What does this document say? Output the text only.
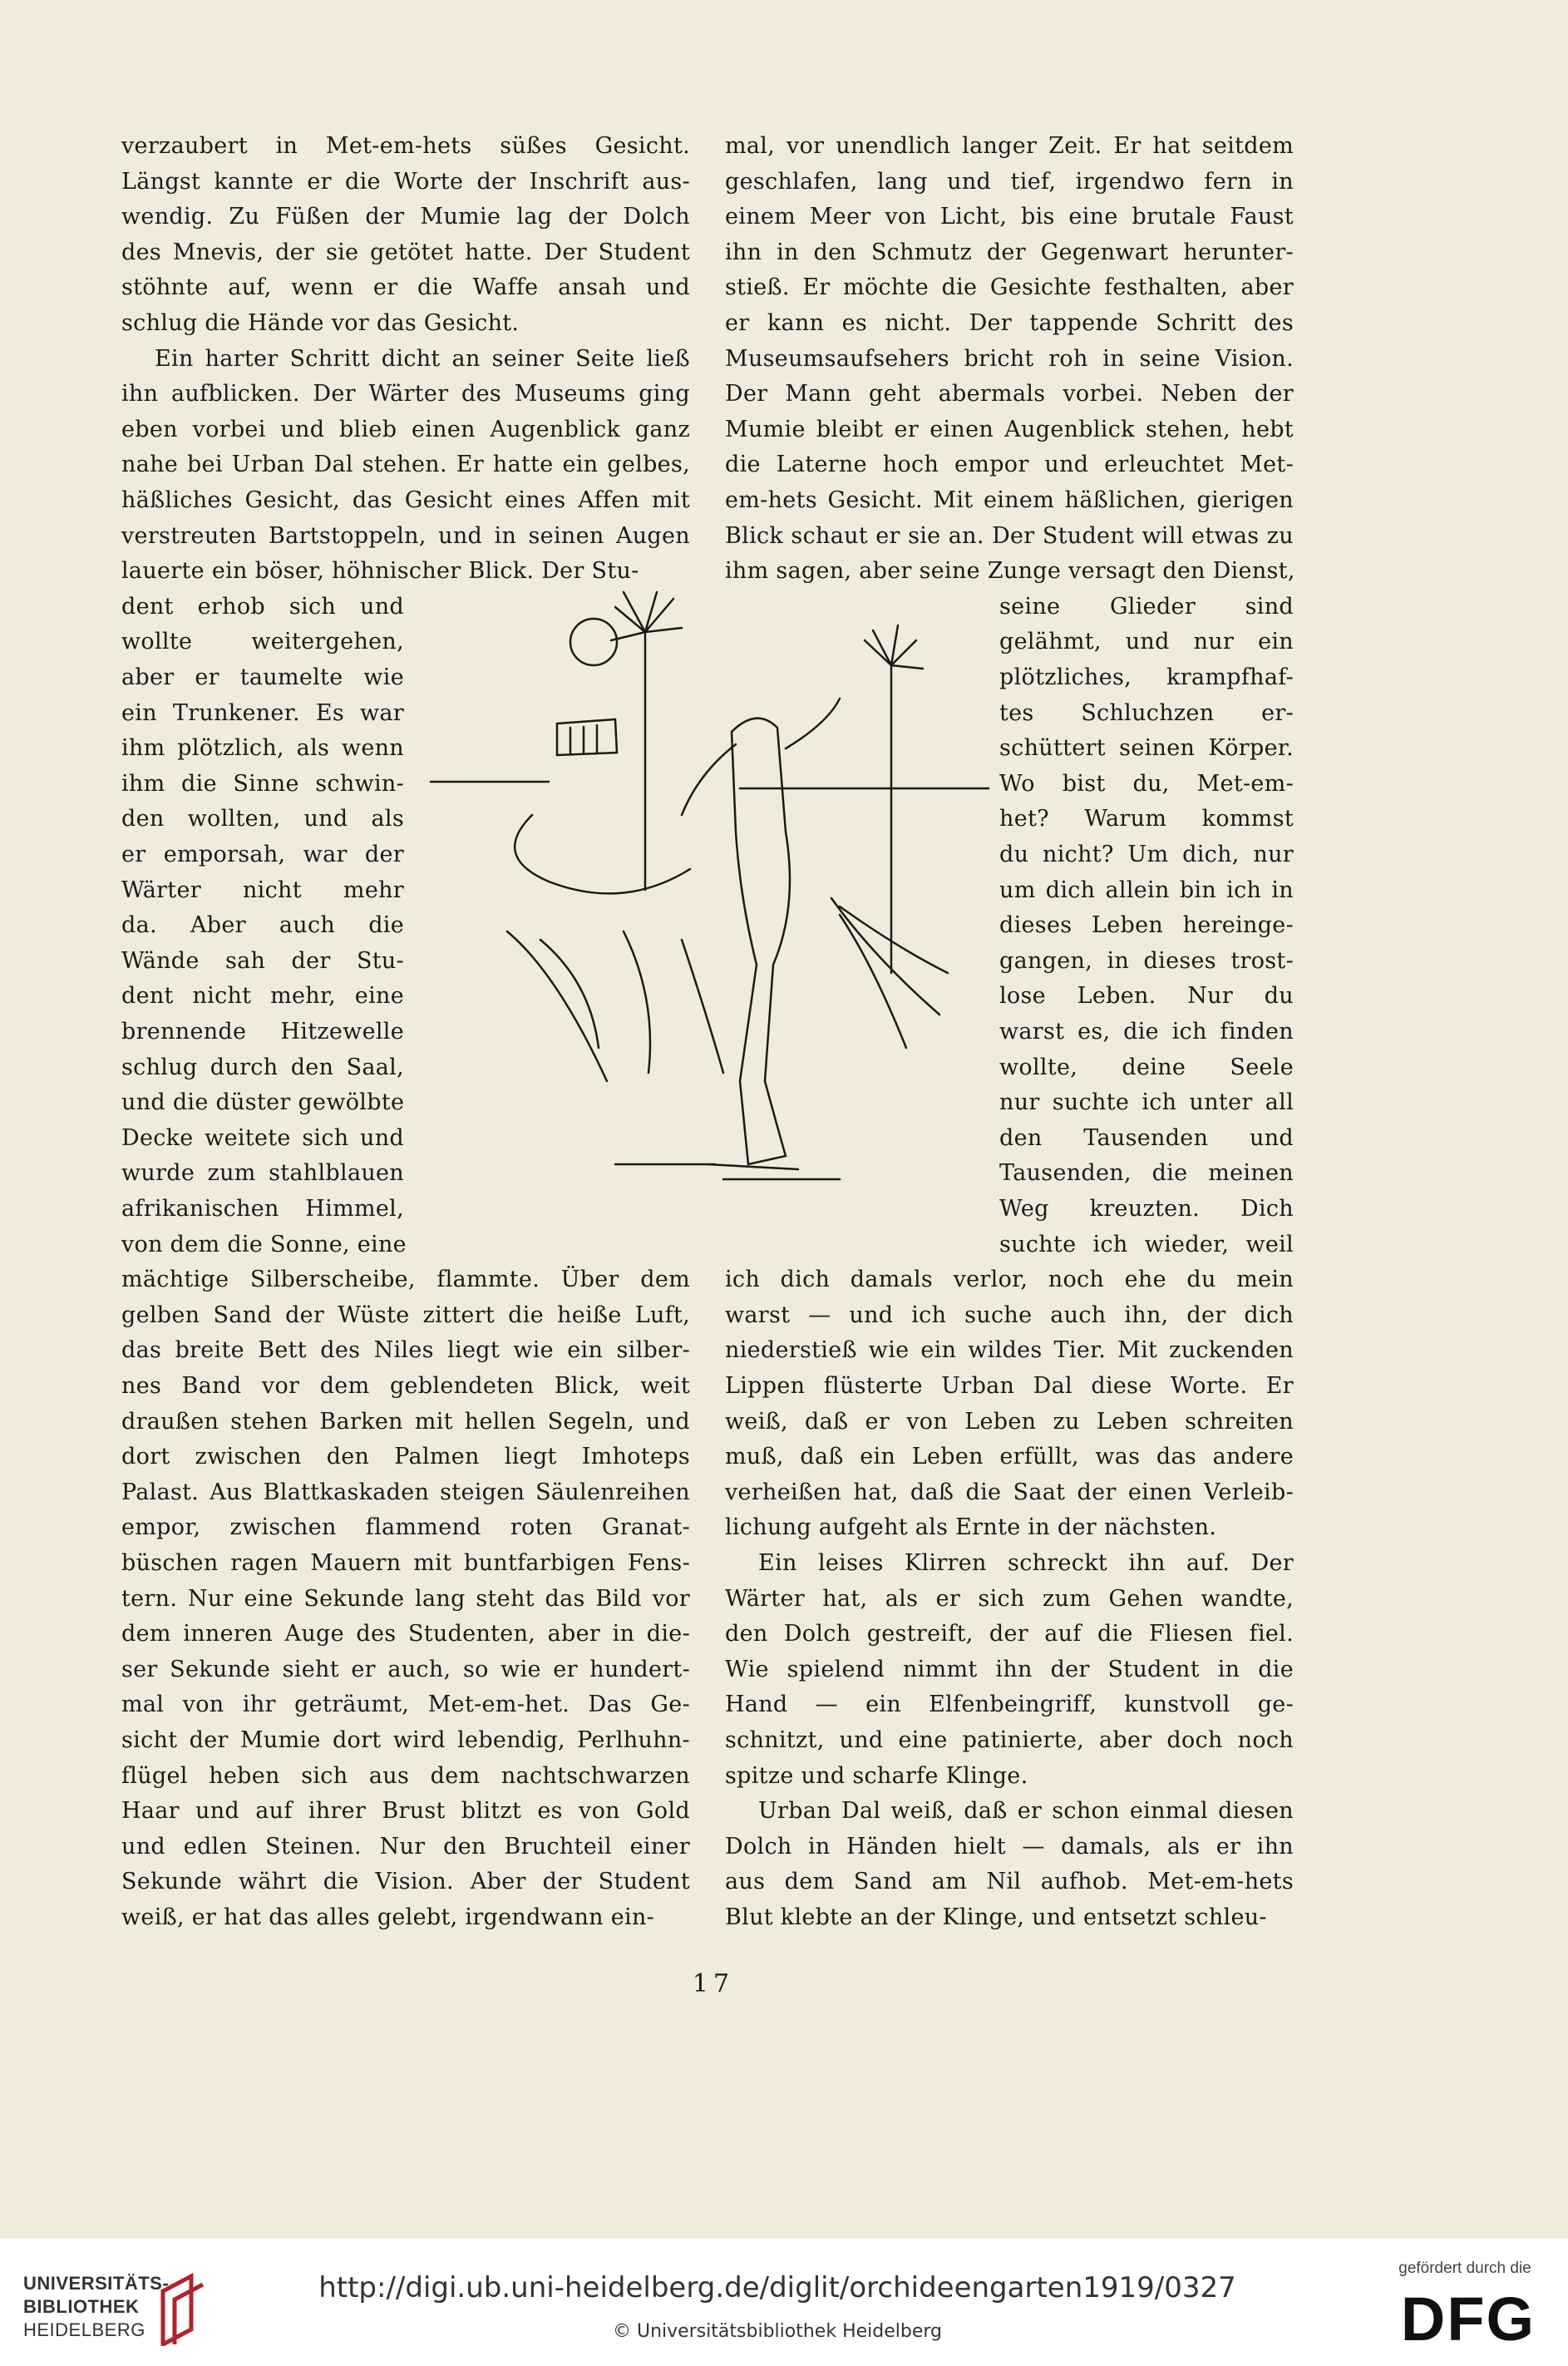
verzaubert in Met-em-hets süßes Gesicht.
Längst kannte er die Worte der Inschrift aus-
wendig. Zu Füßen der Mumie lag der Dolch
des Mnevis, der sie getötet hatte. Der Student
stöhnte auf, wenn er die Waffe ansah und
schlug die Hände vor das Gesicht.
Ein harter Schritt dicht an seiner Seite ließ
ihn aufblicken. Der Wärter des Museums ging
eben vorbei und blieb einen Augenblick ganz
nahe bei Urban Dal stehen. Er hatte ein gelbes,
häßliches Gesicht, das Gesicht eines Affen mit
verstreuten Bartstoppeln, und in seinen Augen
lauerte ein böser, höhnischer Blick. Der Stu-
dent erhob sich und
wollte weitergehen,
aber er taumelte wie
ein Trunkener. Es war
ihm plötzlich, als wenn
ihm die Sinne schwin-
den wollten, und als
er emporsah, war der
Wärter nicht mehr
da. Aber auch die
Wände sah der Stu-
dent nicht mehr, eine
brennende Hitzewelle
schlug durch den Saal,
und die düster gewölbte
Decke weitete sich und
wurde zum stahlblauen
afrikanischen Himmel,
von dem die Sonne, eine
mächtige Silberscheibe, flammte. Über dem
gelben Sand der Wüste zittert die heiße Luft,
das breite Bett des Niles liegt wie ein silber-
nes Band vor dem geblendeten Blick, weit
draußen stehen Barken mit hellen Segeln, und
dort zwischen den Palmen liegt Imhoteps
Palast. Aus Blattkaskaden steigen Säulenreihen
empor, zwischen flammend roten Granat-
büschen ragen Mauern mit buntfarbigen Fens-
tern. Nur eine Sekunde lang steht das Bild vor
dem inneren Auge des Studenten, aber in die-
ser Sekunde sieht er auch, so wie er hundert-
mal von ihr geträumt, Met-em-het. Das Ge-
sicht der Mumie dort wird lebendig, Perlhuhn-
flügel heben sich aus dem nachtschwarzen
Haar und auf ihrer Brust blitzt es von Gold
und edlen Steinen. Nur den Bruchteil einer
Sekunde währt die Vision. Aber der Student
weiß, er hat das alles gelebt, irgendwann ein-
mal, vor unendlich langer Zeit. Er hat seitdem
geschlafen, lang und tief, irgendwo fern in
einem Meer von Licht, bis eine brutale Faust
ihn in den Schmutz der Gegenwart herunter-
stieß. Er möchte die Gesichte festhalten, aber
er kann es nicht. Der tappende Schritt des
Museumsaufsehers bricht roh in seine Vision.
Der Mann geht abermals vorbei. Neben der
Mumie bleibt er einen Augenblick stehen, hebt
die Laterne hoch empor und erleuchtet Met-
em-hets Gesicht. Mit einem häßlichen, gierigen
Blick schaut er sie an. Der Student will etwas zu
ihm sagen, aber seine Zunge versagt den Dienst,
seine Glieder sind
gelähmt, und nur ein
plötzliches, krampfhaf-
tes Schluchzen er-
schüttert seinen Körper.
Wo bist du, Met-em-
het? Warum kommst
du nicht? Um dich, nur
um dich allein bin ich in
dieses Leben hereinge-
gangen, in dieses trost-
lose Leben. Nur du
warst es, die ich finden
wollte, deine Seele
nur suchte ich unter all
den Tausenden und
Tausenden, die meinen
Weg kreuzten. Dich
suchte ich wieder, weil
ich dich damals verlor, noch ehe du mein
warst — und ich suche auch ihn, der dich
niederstieß wie ein wildes Tier. Mit zuckenden
Lippen flüsterte Urban Dal diese Worte. Er
weiß, daß er von Leben zu Leben schreiten
muß, daß ein Leben erfüllt, was das andere
verheißen hat, daß die Saat der einen Verleib-
lichung aufgeht als Ernte in der nächsten.
Ein leises Klirren schreckt ihn auf. Der
Wärter hat, als er sich zum Gehen wandte,
den Dolch gestreift, der auf die Fliesen fiel.
Wie spielend nimmt ihn der Student in die
Hand — ein Elfenbeingriff, kunstvoll ge-
schnitzt, und eine patinierte, aber doch noch
spitze und scharfe Klinge.
Urban Dal weiß, daß er schon einmal diesen
Dolch in Händen hielt — damals, als er ihn
aus dem Sand am Nil aufhob. Met-em-hets
Blut klebte an der Klinge, und entsetzt schleu-
17
UNIVERSITÄTS-
BIBLIOTHEK
HEIDELBERG
http://digi.ub.uni-heidelberg.de/diglit/orchideengarten1919/0327
© Universitätsbibliothek Heidelberg
gefördert durch die
DFG
